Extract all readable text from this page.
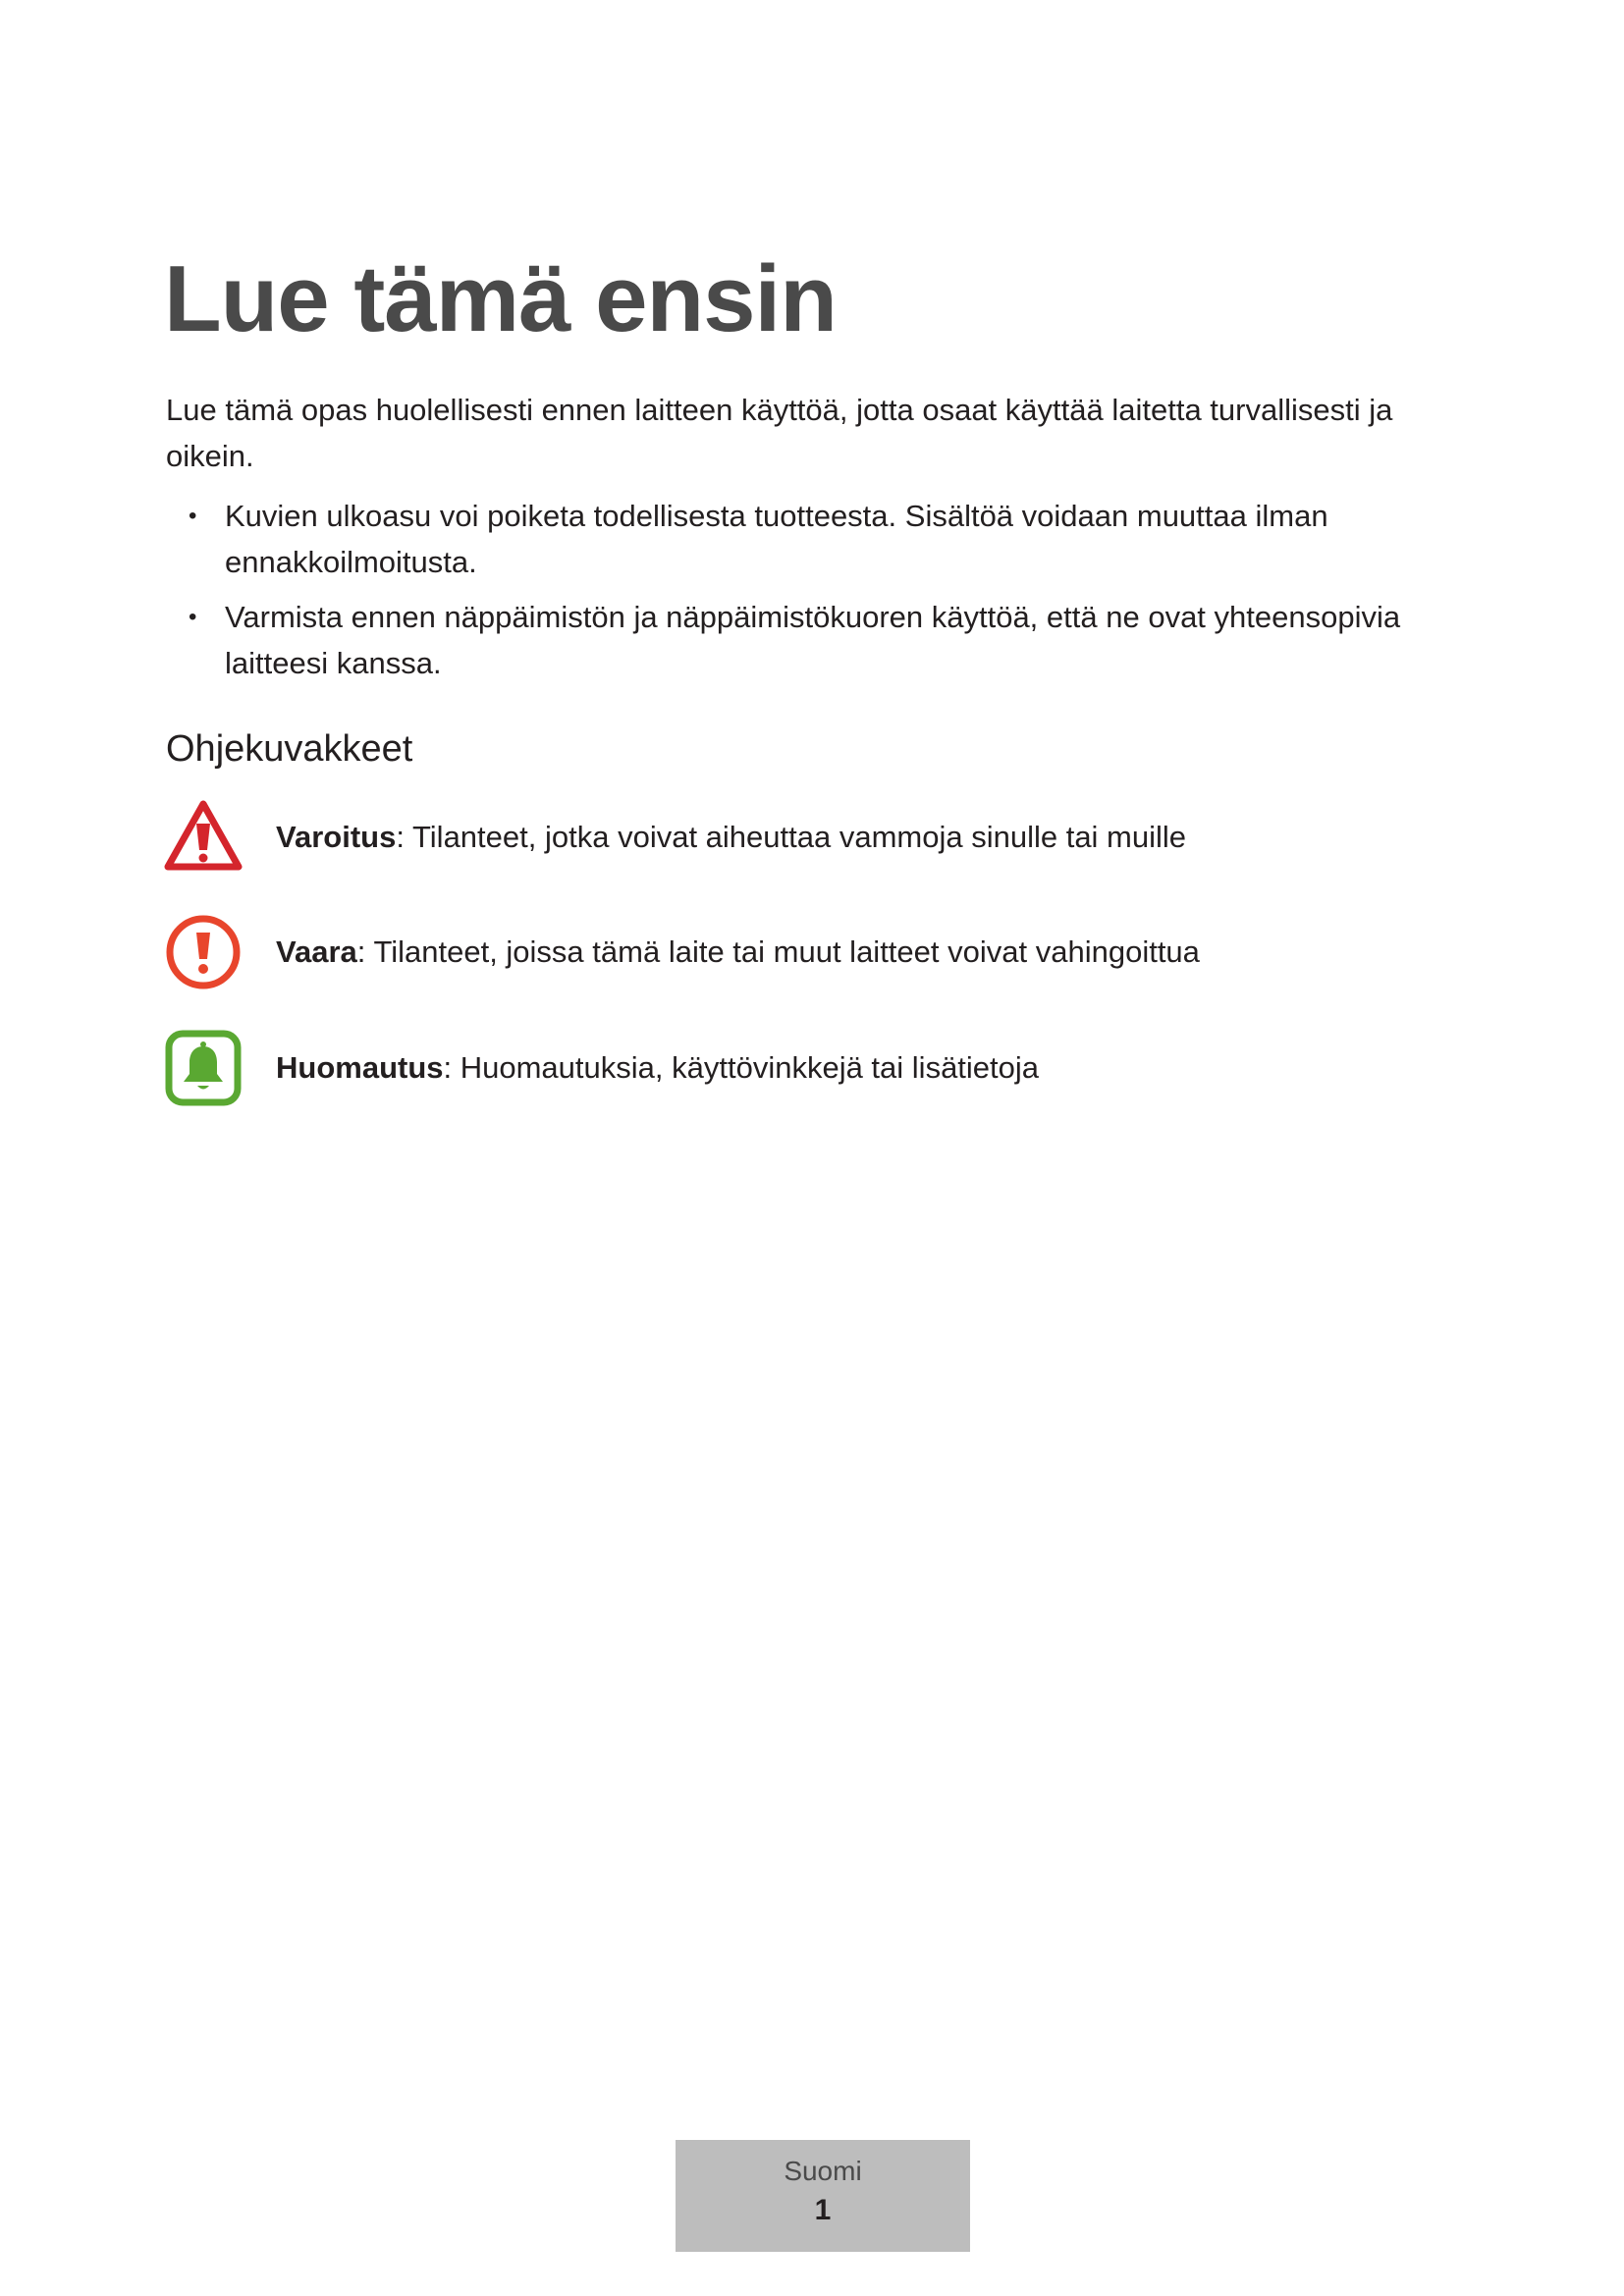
Lue tämä ensin

Lue tämä opas huolellisesti ennen laitteen käyttöä, jotta osaat käyttää laitetta turvallisesti ja oikein.

• Kuvien ulkoasu voi poiketa todellisesta tuotteesta. Sisältöä voidaan muuttaa ilman ennakkoilmoitusta.
• Varmista ennen näppäimistön ja näppäimistökuoren käyttöä, että ne ovat yhteensopivia laitteesi kanssa.
Ohjekuvakkeet
Varoitus: Tilanteet, jotka voivat aiheuttaa vammoja sinulle tai muille
Vaara: Tilanteet, joissa tämä laite tai muut laitteet voivat vahingoittua
Huomautus: Huomautuksia, käyttövinkkejä tai lisätietoja
Suomi
1
